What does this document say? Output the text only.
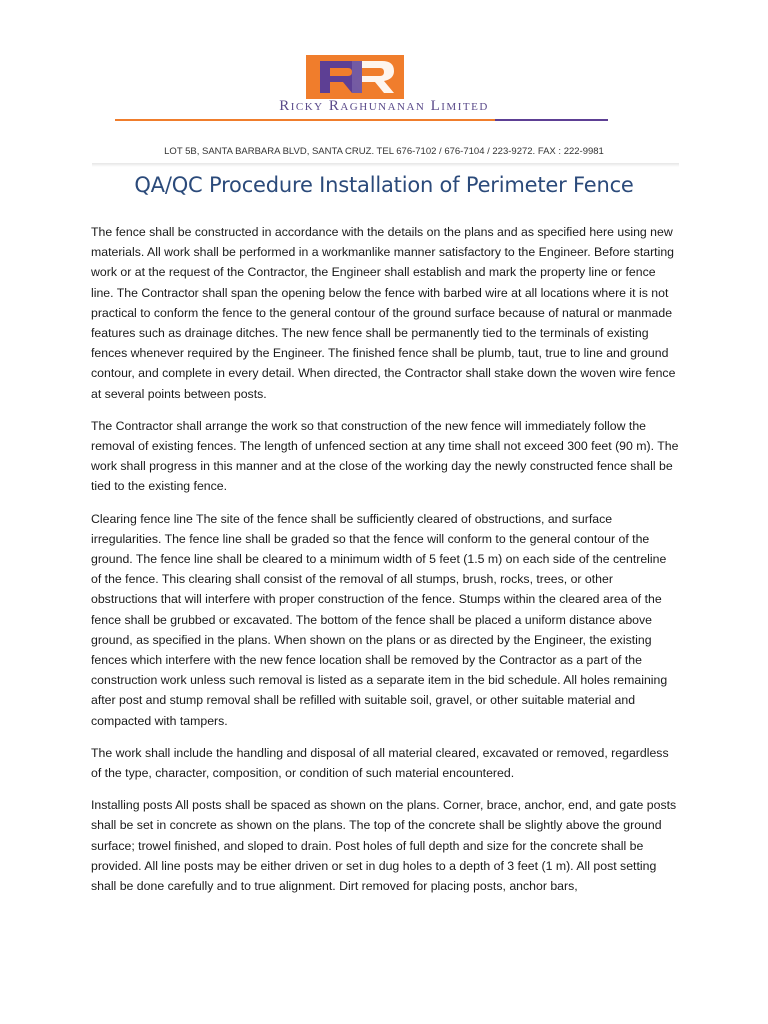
Ricky Raghunanan Limited
LOT 5B, SANTA BARBARA BLVD, SANTA CRUZ. TEL 676-7102 / 676-7104 / 223-9272. FAX : 222-9981
QA/QC Procedure Installation of Perimeter Fence

The fence shall be constructed in accordance with the details on the plans and as specified here using new materials. All work shall be performed in a workmanlike manner satisfactory to the Engineer. Before starting work or at the request of the Contractor, the Engineer shall establish and mark the property line or fence line. The Contractor shall span the opening below the fence with barbed wire at all locations where it is not practical to conform the fence to the general contour of the ground surface because of natural or manmade features such as drainage ditches. The new fence shall be permanently tied to the terminals of existing fences whenever required by the Engineer. The finished fence shall be plumb, taut, true to line and ground contour, and complete in every detail. When directed, the Contractor shall stake down the woven wire fence at several points between posts.

The Contractor shall arrange the work so that construction of the new fence will immediately follow the removal of existing fences. The length of unfenced section at any time shall not exceed 300 feet (90 m). The work shall progress in this manner and at the close of the working day the newly constructed fence shall be tied to the existing fence.

Clearing fence line The site of the fence shall be sufficiently cleared of obstructions, and surface irregularities. The fence line shall be graded so that the fence will conform to the general contour of the ground. The fence line shall be cleared to a minimum width of 5 feet (1.5 m) on each side of the centreline of the fence. This clearing shall consist of the removal of all stumps, brush, rocks, trees, or other obstructions that will interfere with proper construction of the fence. Stumps within the cleared area of the fence shall be grubbed or excavated. The bottom of the fence shall be placed a uniform distance above ground, as specified in the plans. When shown on the plans or as directed by the Engineer, the existing fences which interfere with the new fence location shall be removed by the Contractor as a part of the construction work unless such removal is listed as a separate item in the bid schedule. All holes remaining after post and stump removal shall be refilled with suitable soil, gravel, or other suitable material and compacted with tampers.

The work shall include the handling and disposal of all material cleared, excavated or removed, regardless of the type, character, composition, or condition of such material encountered.

Installing posts All posts shall be spaced as shown on the plans. Corner, brace, anchor, end, and gate posts shall be set in concrete as shown on the plans. The top of the concrete shall be slightly above the ground surface; trowel finished, and sloped to drain. Post holes of full depth and size for the concrete shall be provided. All line posts may be either driven or set in dug holes to a depth of 3 feet (1 m). All post setting shall be done carefully and to true alignment. Dirt removed for placing posts, anchor bars,
